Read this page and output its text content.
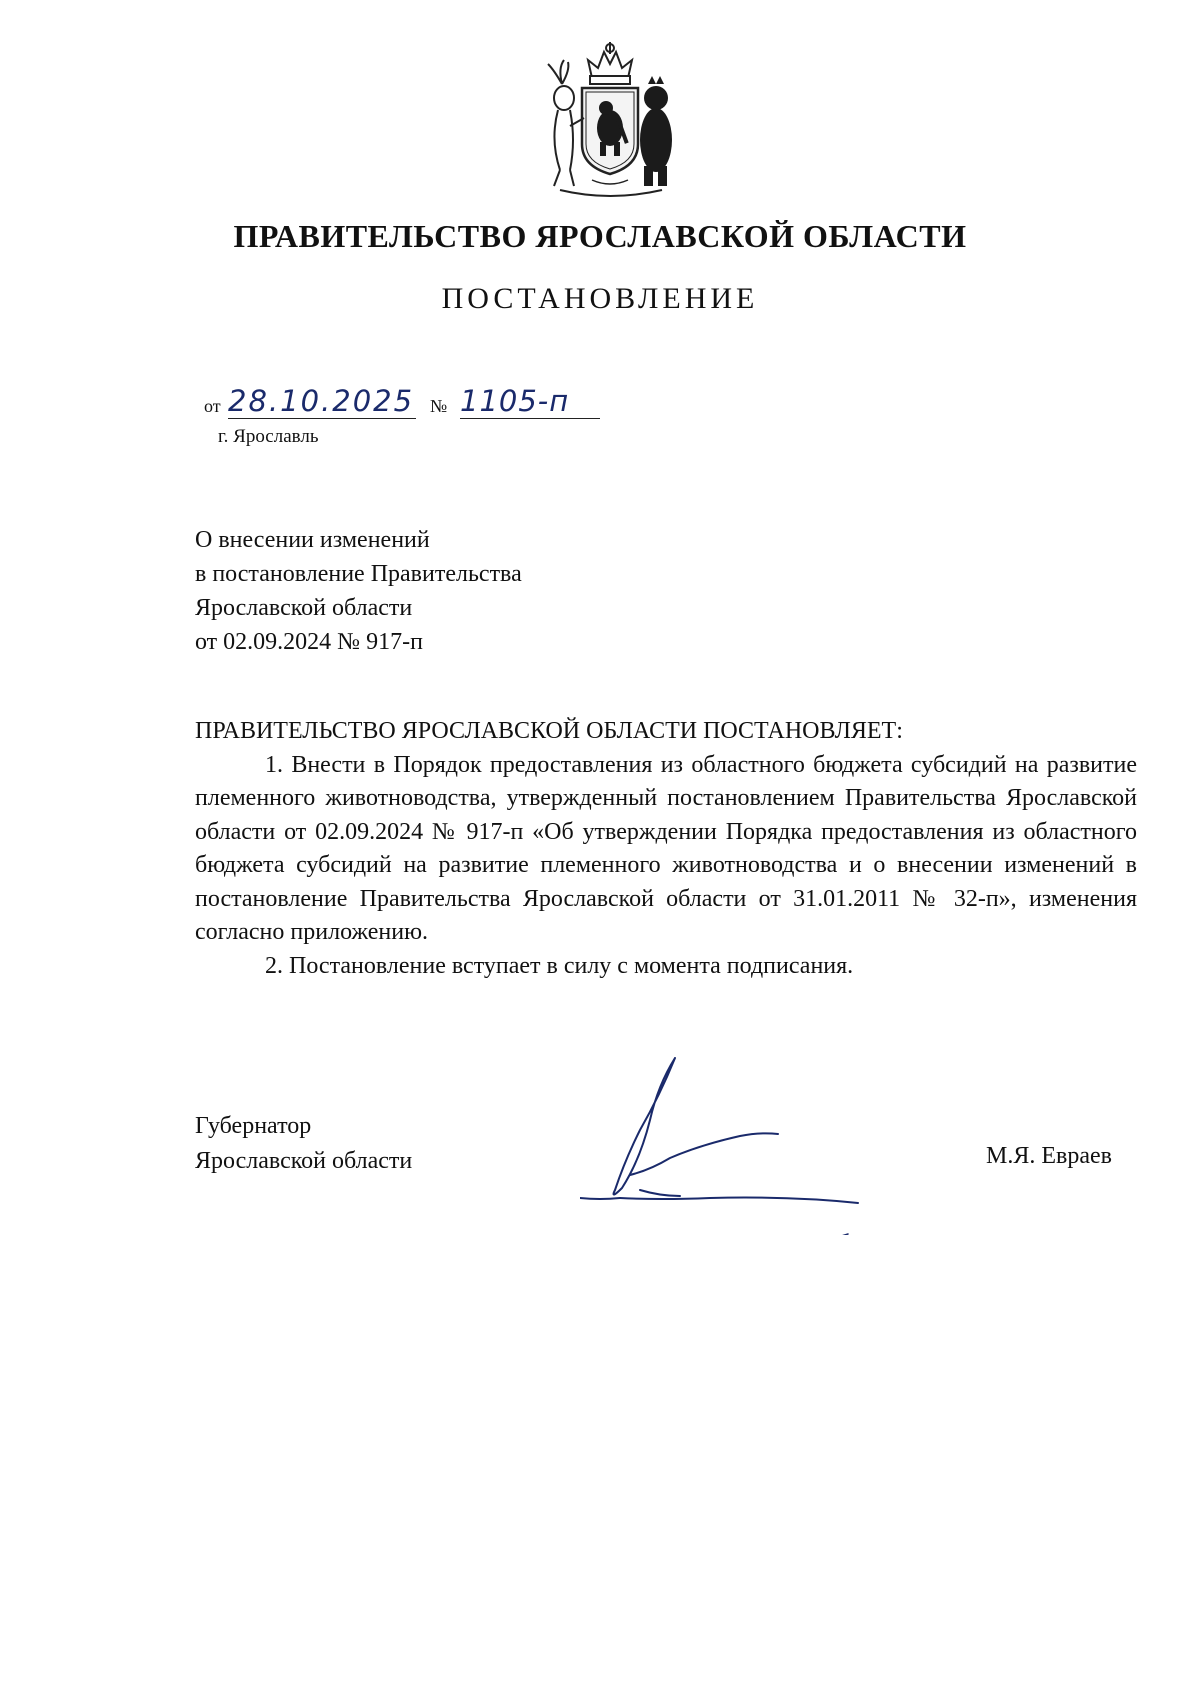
ПРАВИТЕЛЬСТВО ЯРОСЛАВСКОЙ ОБЛАСТИ
ПОСТАНОВЛЕНИЕ
от 28.10.2025 № 1105-п
г. Ярославль
О внесении изменений
в постановление Правительства
Ярославской области
от 02.09.2024 № 917-п
ПРАВИТЕЛЬСТВО ЯРОСЛАВСКОЙ ОБЛАСТИ ПОСТАНОВЛЯЕТ:
1. Внести в Порядок предоставления из областного бюджета субсидий на развитие племенного животноводства, утвержденный постановлением Правительства Ярославской области от 02.09.2024 № 917-п «Об утверждении Порядка предоставления из областного бюджета субсидий на развитие племенного животноводства и о внесении изменений в постановление Правительства Ярославской области от 31.01.2011 № 32-п», изменения согласно приложению.
2. Постановление вступает в силу с момента подписания.
Губернатор
Ярославской области	М.Я. Евраев
